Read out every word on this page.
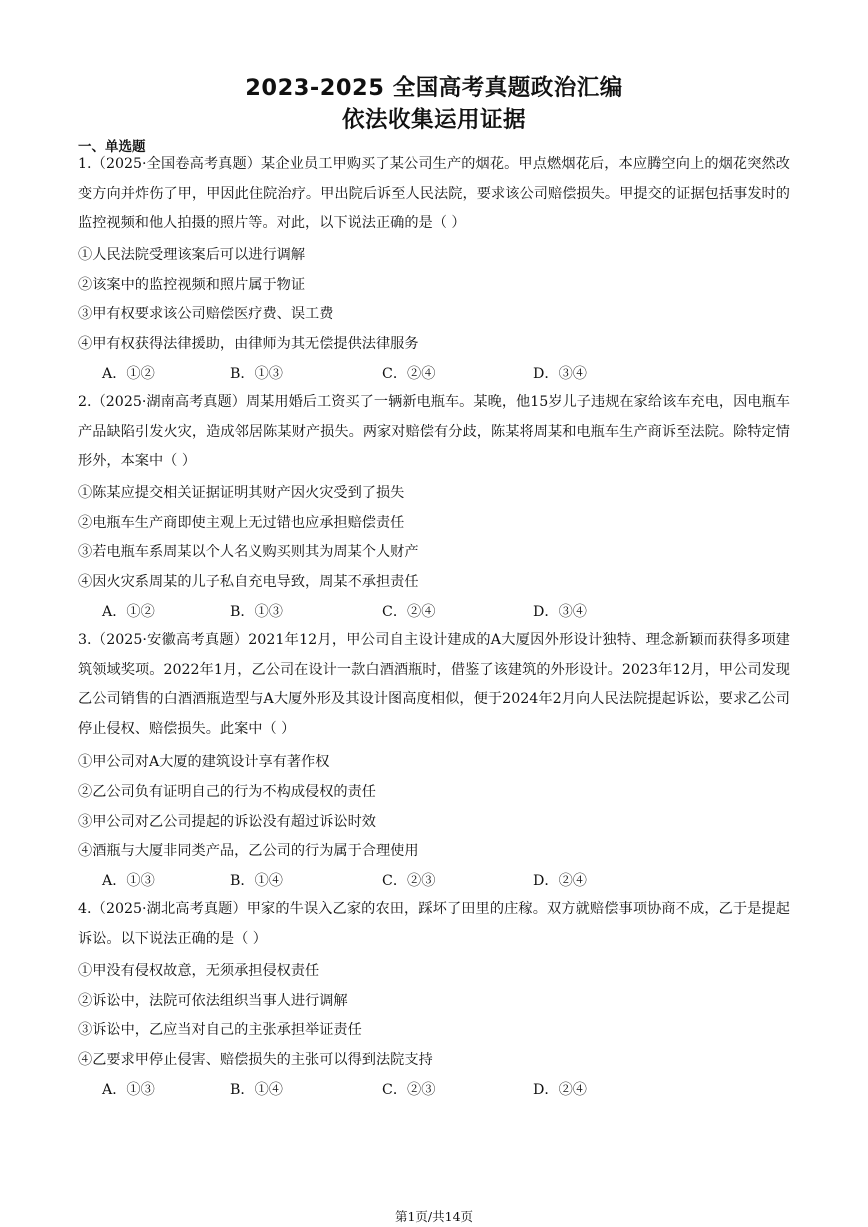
2023-2025 全国高考真题政治汇编
依法收集运用证据
一、单选题

1.（2025·全国卷高考真题）某企业员工甲购买了某公司生产的烟花。甲点燃烟花后，本应腾空向上的烟花突然改变方向并炸伤了甲，甲因此住院治疗。甲出院后诉至人民法院，要求该公司赔偿损失。甲提交的证据包括事发时的监控视频和他人拍摄的照片等。对此，以下说法正确的是（ ）

①人民法院受理该案后可以进行调解
②该案中的监控视频和照片属于物证
③甲有权要求该公司赔偿医疗费、误工费
④甲有权获得法律援助，由律师为其无偿提供法律服务
A．①②	B．①③	C．②④	D．③④

2.（2025·湖南高考真题）周某用婚后工资买了一辆新电瓶车。某晚，他15岁儿子违规在家给该车充电，因电瓶车产品缺陷引发火灾，造成邻居陈某财产损失。两家对赔偿有分歧，陈某将周某和电瓶车生产商诉至法院。除特定情形外，本案中（ ）

①陈某应提交相关证据证明其财产因火灾受到了损失
②电瓶车生产商即使主观上无过错也应承担赔偿责任
③若电瓶车系周某以个人名义购买则其为周某个人财产
④因火灾系周某的儿子私自充电导致，周某不承担责任
A．①②	B．①③	C．②④	D．③④

3.（2025·安徽高考真题）2021年12月，甲公司自主设计建成的A大厦因外形设计独特、理念新颖而获得多项建筑领域奖项。2022年1月，乙公司在设计一款白酒酒瓶时，借鉴了该建筑的外形设计。2023年12月，甲公司发现乙公司销售的白酒酒瓶造型与A大厦外形及其设计图高度相似，便于2024年2月向人民法院提起诉讼，要求乙公司停止侵权、赔偿损失。此案中（ ）

①甲公司对A大厦的建筑设计享有著作权
②乙公司负有证明自己的行为不构成侵权的责任
③甲公司对乙公司提起的诉讼没有超过诉讼时效
④酒瓶与大厦非同类产品，乙公司的行为属于合理使用
A．①③	B．①④	C．②③	D．②④

4.（2025·湖北高考真题）甲家的牛误入乙家的农田，踩坏了田里的庄稼。双方就赔偿事项协商不成，乙于是提起诉讼。以下说法正确的是（ ）

①甲没有侵权故意，无须承担侵权责任
②诉讼中，法院可依法组织当事人进行调解
③诉讼中，乙应当对自己的主张承担举证责任
④乙要求甲停止侵害、赔偿损失的主张可以得到法院支持
A．①③	B．①④	C．②③	D．②④
第1页/共14页
